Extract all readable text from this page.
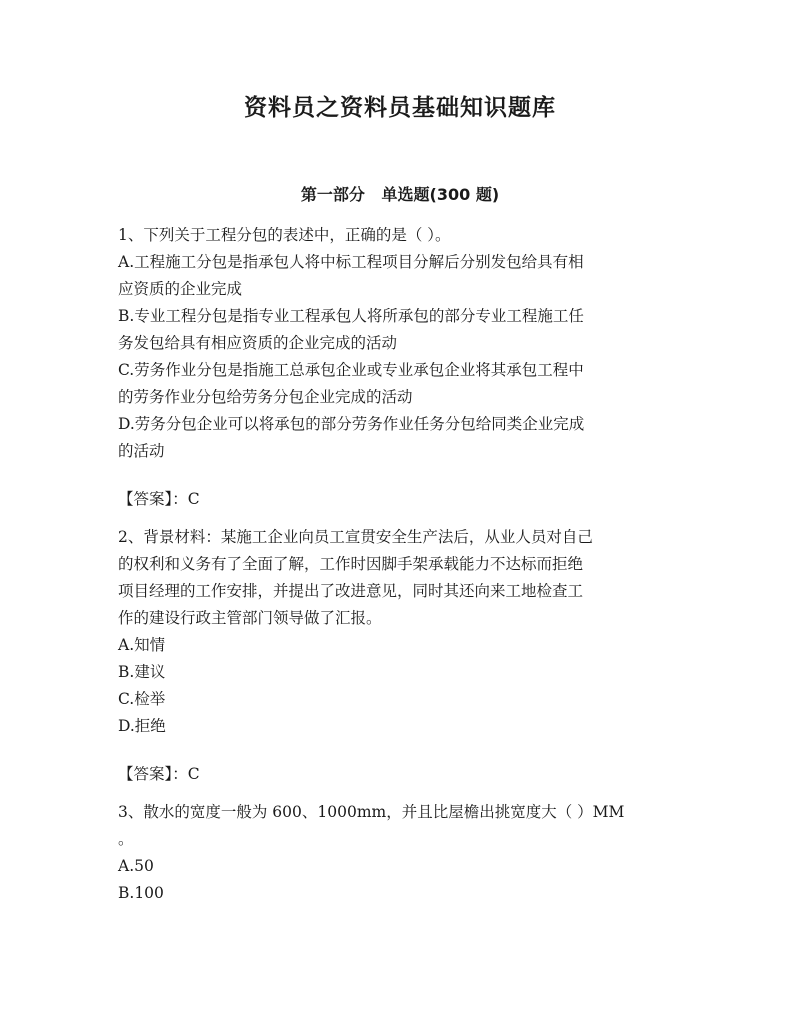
资料员之资料员基础知识题库
第一部分   单选题(300 题)
1、下列关于工程分包的表述中，正确的是（ ）。
A.工程施工分包是指承包人将中标工程项目分解后分别发包给具有相
应资质的企业完成
B.专业工程分包是指专业工程承包人将所承包的部分专业工程施工任
务发包给具有相应资质的企业完成的活动
C.劳务作业分包是指施工总承包企业或专业承包企业将其承包工程中
的劳务作业分包给劳务分包企业完成的活动
D.劳务分包企业可以将承包的部分劳务作业任务分包给同类企业完成
的活动
【答案】：C
2、背景材料：某施工企业向员工宣贯安全生产法后，从业人员对自己
的权利和义务有了全面了解，工作时因脚手架承载能力不达标而拒绝
项目经理的工作安排，并提出了改进意见，同时其还向来工地检查工
作的建设行政主管部门领导做了汇报。
A.知情
B.建议
C.检举
D.拒绝
【答案】：C
3、散水的宽度一般为 600、1000mm，并且比屋檐出挑宽度大（ ）MM
。
A.50
B.100
